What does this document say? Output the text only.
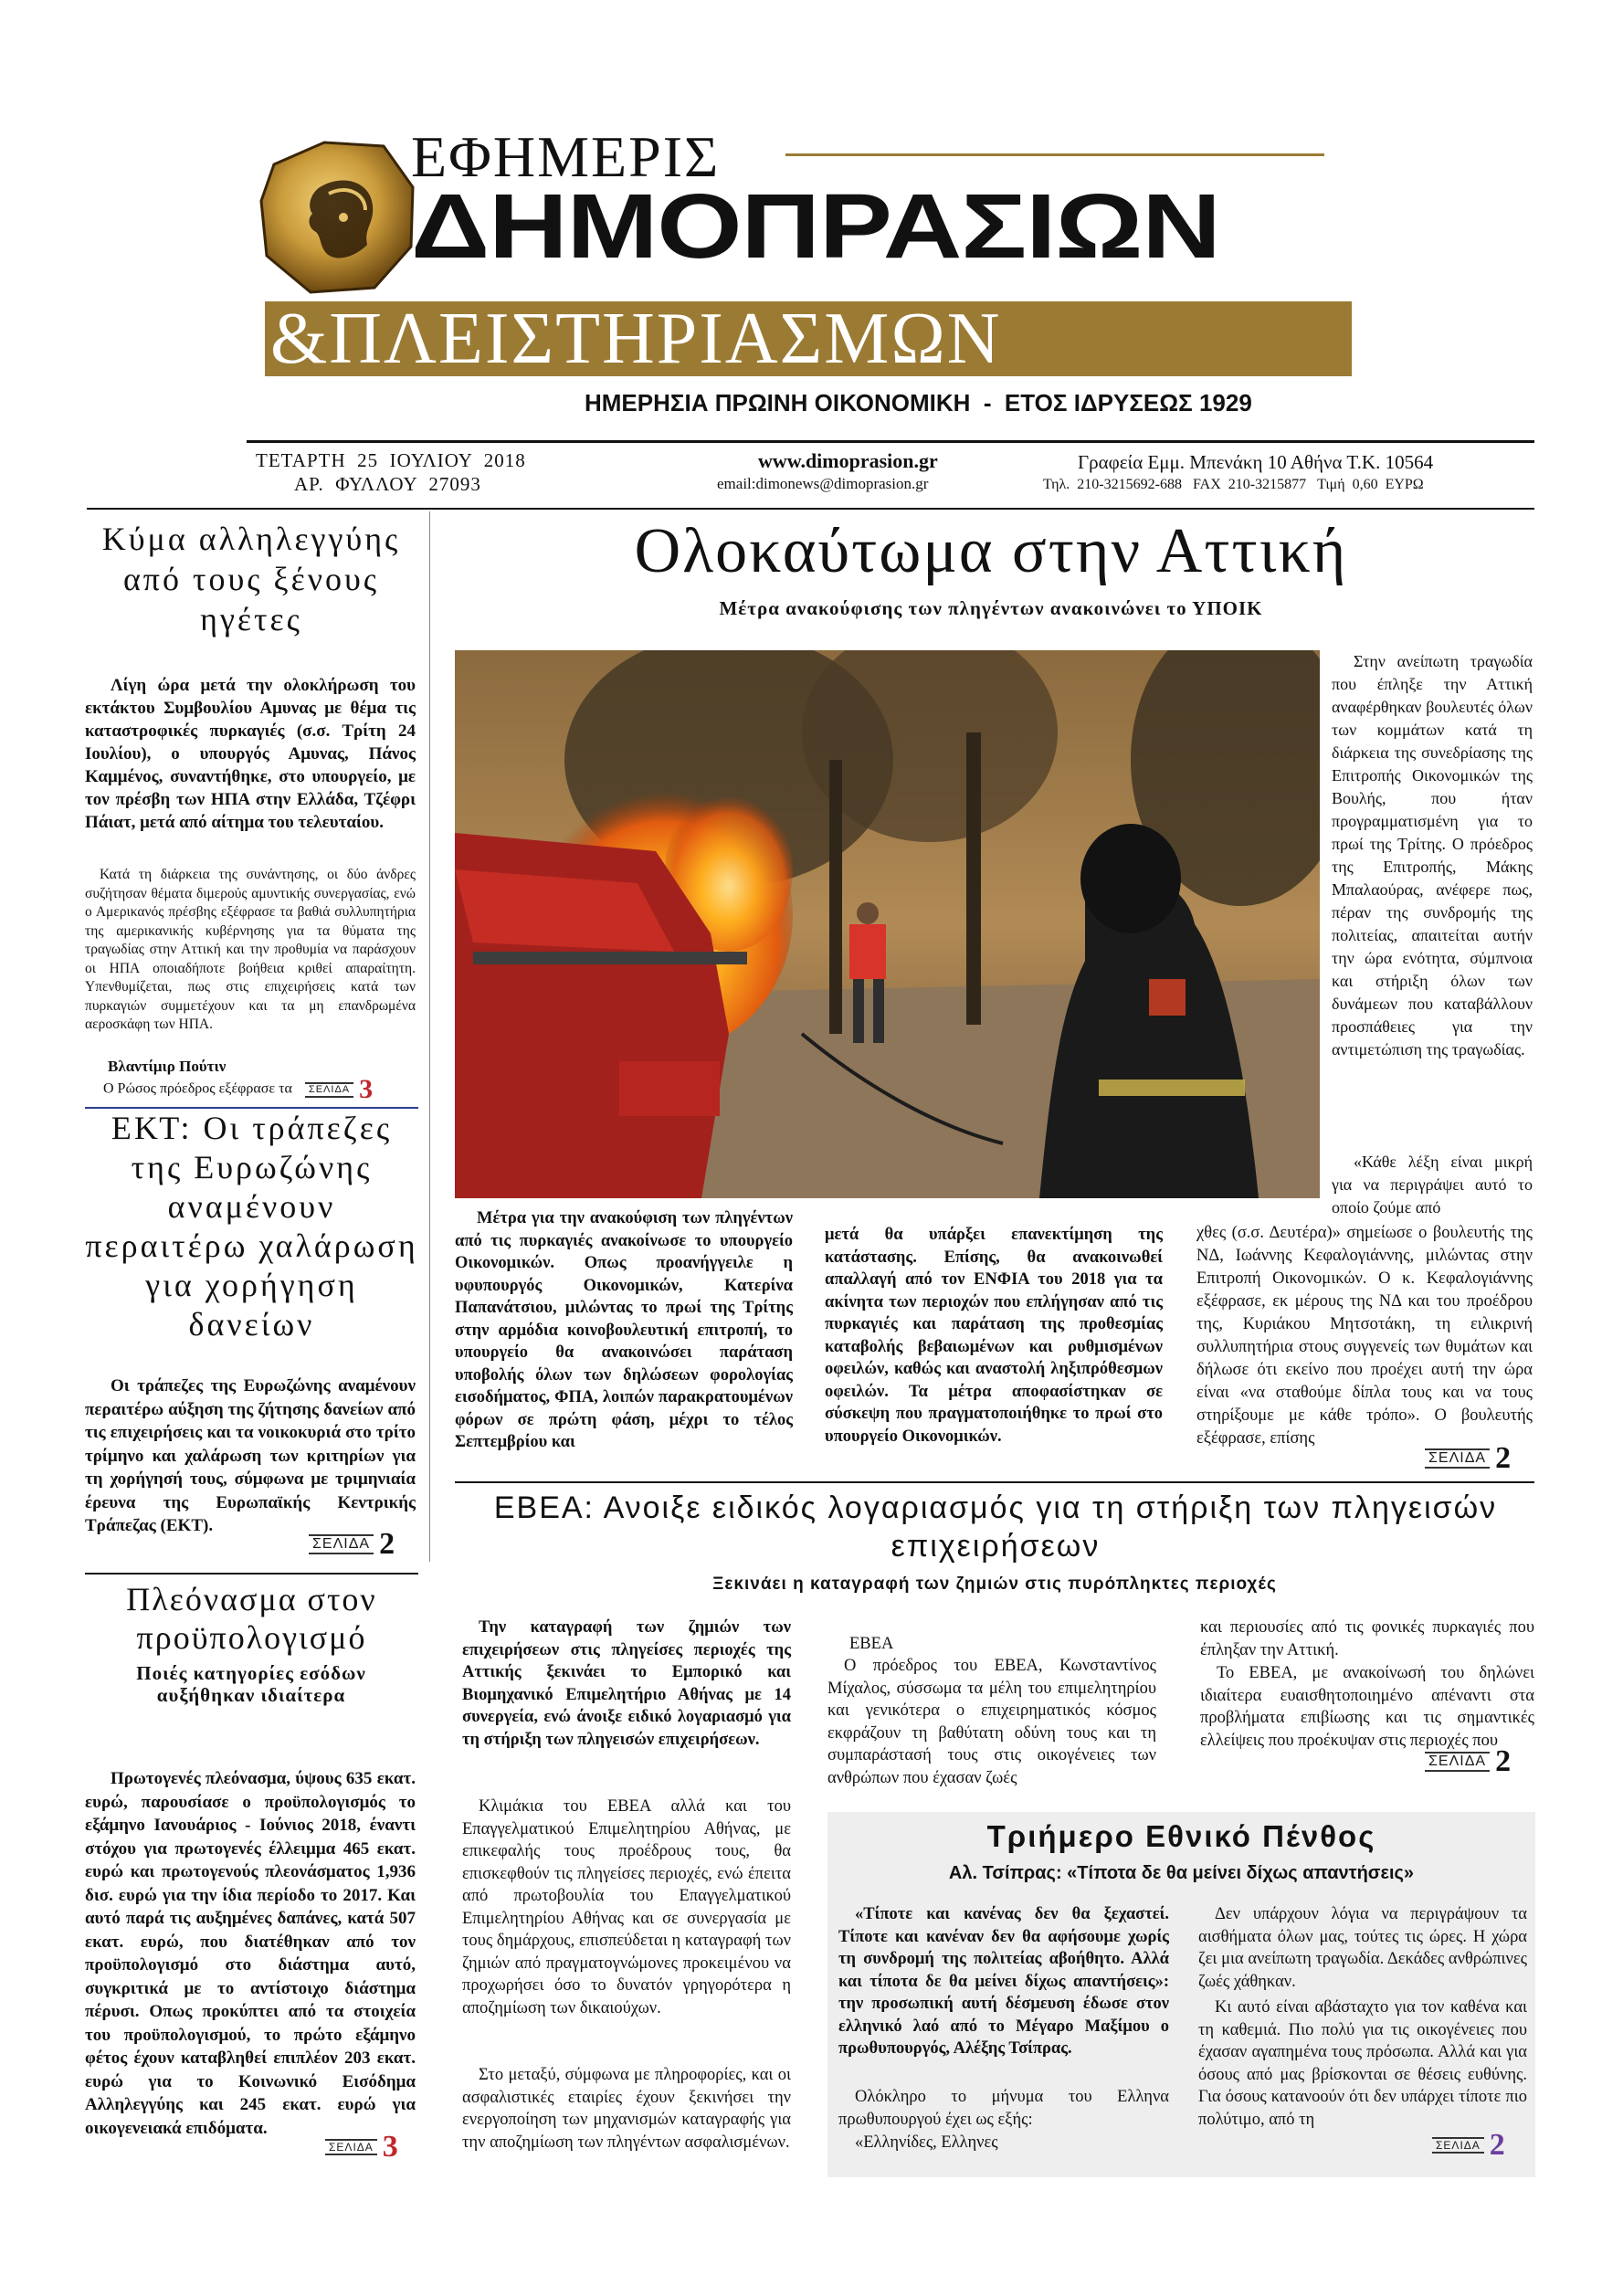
ΕΦΗΜΕΡΙΣ
ΔΗΜΟΠΡΑΣΙΩΝ
&ΠΛΕΙΣΤΗΡΙΑΣΜΩΝ
ΗΜΕΡΗΣΙΑ ΠΡΩΙΝΗ ΟΙΚΟΝΟΜΙΚΗ  -  ΕΤΟΣ ΙΔΡΥΣΕΩΣ 1929
ΤΕΤΑΡΤΗ  25  ΙΟΥΛΙΟΥ  2018
ΑΡ.  ΦΥΛΛΟΥ  27093
www.dimoprasion.gr
email:dimonews@dimoprasion.gr
Γραφεία Εμμ. Μπενάκη 10 Αθήνα Τ.Κ. 10564
Τηλ.  210-3215692-688   FAX  210-3215877   Τιμή  0,60  ΕΥΡΩ
Κύμα αλληλεγγύης από τους ξένους ηγέτες

Λίγη ώρα μετά την ολοκλήρωση του εκτάκτου Συμβουλίου Αμυνας με θέμα τις καταστροφικές πυρκαγιές (σ.σ. Τρίτη 24 Ιουλίου), ο υπουργός Αμυνας, Πάνος Καμμένος, συναντήθηκε, στο υπουργείο, με τον πρέσβη των ΗΠΑ στην Ελλάδα, Τζέφρι Πάιατ, μετά από αίτημα του τελευταίου.

Κατά τη διάρκεια της συνάντησης, οι δύο άνδρες συζήτησαν θέματα διμερούς αμυντικής συνεργασίας, ενώ ο Αμερικανός πρέσβης εξέφρασε τα βαθιά συλλυπητήρια της αμερικανικής κυβέρνησης για τα θύματα της τραγωδίας στην Αττική και την προθυμία να παράσχουν οι ΗΠΑ οποιαδήποτε βοήθεια κριθεί απαραίτητη. Υπενθυμίζεται, πως στις επιχειρήσεις κατά των πυρκαγιών συμμετέχουν και τα μη επανδρωμένα αεροσκάφη των ΗΠΑ.

Βλαντίμιρ Πούτιν
Ο Ρώσος πρόεδρος εξέφρασε τα ΣΕΛΙΔΑ 3
ΕΚΤ: Οι τράπεζες της Ευρωζώνης αναμένουν περαιτέρω χαλάρωση για χορήγηση δανείων

Οι τράπεζες της Ευρωζώνης αναμένουν περαιτέρω αύξηση της ζήτησης δανείων από τις επιχειρήσεις και τα νοικοκυριά στο τρίτο τρίμηνο και χαλάρωση των κριτηρίων για τη χορήγησή τους, σύμφωνα με τριμηνιαία έρευνα της Ευρωπαϊκής Κεντρικής Τράπεζας (ΕΚΤ).

ΣΕΛΙΔΑ 2
Πλεόνασμα στον προϋπολογισμό
Ποιές κατηγορίες εσόδων αυξήθηκαν ιδιαίτερα

Πρωτογενές πλεόνασμα, ύψους 635 εκατ. ευρώ, παρουσίασε ο προϋπολογισμός το εξάμηνο Ιανουάριος - Ιούνιος 2018, έναντι στόχου για πρωτογενές έλλειμμα 465 εκατ. ευρώ και πρωτογενούς πλεονάσματος 1,936 δισ. ευρώ για την ίδια περίοδο το 2017. Και αυτό παρά τις αυξημένες δαπάνες, κατά 507 εκατ. ευρώ, που διατέθηκαν από τον προϋπολογισμό στο διάστημα αυτό, συγκριτικά με το αντίστοιχο διάστημα πέρυσι. Οπως προκύπτει από τα στοιχεία του προϋπολογισμού, το πρώτο εξάμηνο φέτος έχουν καταβληθεί επιπλέον 203 εκατ. ευρώ για το Κοινωνικό Εισόδημα Αλληλεγγύης και 245 εκατ. ευρώ για οικογενειακά επιδόματα.

ΣΕΛΙΔΑ 3
Ολοκαύτωμα στην Αττική
Μέτρα ανακούφισης των πληγέντων ανακοινώνει το ΥΠΟΙΚ

Στην ανείπωτη τραγωδία που έπληξε την Αττική αναφέρθηκαν βουλευτές όλων των κομμάτων κατά τη διάρκεια της συνεδρίασης της Επιτροπής Οικονομικών της Βουλής, που ήταν προγραμματισμένη για το πρωί της Τρίτης. Ο πρόεδρος της Επιτροπής, Μάκης Μπαλαούρας, ανέφερε πως, πέραν της συνδρομής της πολιτείας, απαιτείται αυτήν την ώρα ενότητα, σύμπνοια και στήριξη όλων των δυνάμεων που καταβάλλουν προσπάθειες για την αντιμετώπιση της τραγωδίας.

«Κάθε λέξη είναι μικρή για να περιγράψει αυτό το οποίο ζούμε από

Μέτρα για την ανακούφιση των πληγέντων από τις πυρκαγιές ανακοίνωσε το υπουργείο Οικονομικών. Οπως προανήγγειλε η υφυπουργός Οικονομικών, Κατερίνα Παπανάτσιου, μιλώντας το πρωί της Τρίτης στην αρμόδια κοινοβουλευτική επιτροπή, το υπουργείο θα ανακοινώσει παράταση υποβολής όλων των δηλώσεων φορολογίας εισοδήματος, ΦΠΑ, λοιπών παρακρατουμένων φόρων σε πρώτη φάση, μέχρι το τέλος Σεπτεμβρίου και

μετά θα υπάρξει επανεκτίμηση της κατάστασης. Επίσης, θα ανακοινωθεί απαλλαγή από τον ΕΝΦΙΑ του 2018 για τα ακίνητα των περιοχών που επλήγησαν από τις πυρκαγιές και παράταση της προθεσμίας καταβολής βεβαιωμένων και ρυθμισμένων οφειλών, καθώς και αναστολή ληξιπρόθεσμων οφειλών. Τα μέτρα αποφασίστηκαν σε σύσκεψη που πραγματοποιήθηκε το πρωί στο υπουργείο Οικονομικών.

χθες (σ.σ. Δευτέρα)» σημείωσε ο βουλευτής της ΝΔ, Ιωάννης Κεφαλογιάννης, μιλώντας στην Επιτροπή Οικονομικών. Ο κ. Κεφαλογιάννης εξέφρασε, εκ μέρους της ΝΔ και του προέδρου της, Κυριάκου Μητσοτάκη, τη ειλικρινή συλλυπητήρια στους συγγενείς των θυμάτων και δήλωσε ότι εκείνο που προέχει αυτή την ώρα είναι «να σταθούμε δίπλα τους και να τους στηρίξουμε με κάθε τρόπο». Ο βουλευτής εξέφρασε, επίσης

ΣΕΛΙΔΑ 2
ΕΒΕΑ: Ανοιξε ειδικός λογαριασμός για τη στήριξη των πληγεισών επιχειρήσεων
Ξεκινάει η καταγραφή των ζημιών στις πυρόπληκτες περιοχές

Την καταγραφή των ζημιών των επιχειρήσεων στις πληγείσες περιοχές της Αττικής ξεκινάει το Εμπορικό και Βιομηχανικό Επιμελητήριο Αθήνας με 14 συνεργεία, ενώ άνοιξε ειδικό λογαριασμό για τη στήριξη των πληγεισών επιχειρήσεων.

Κλιμάκια του ΕΒΕΑ αλλά και του Επαγγελματικού Επιμελητηρίου Αθήνας, με επικεφαλής τους προέδρους τους, θα επισκεφθούν τις πληγείσες περιοχές, ενώ έπειτα από πρωτοβουλία του Επαγγελματικού Επιμελητηρίου Αθήνας και σε συνεργασία με τους δημάρχους, επισπεύδεται η καταγραφή των ζημιών από πραγματογνώμονες προκειμένου να προχωρήσει όσο το δυνατόν γρηγορότερα η αποζημίωση των δικαιούχων.

Στο μεταξύ, σύμφωνα με πληροφορίες, και οι ασφαλιστικές εταιρίες έχουν ξεκινήσει την ενεργοποίηση των μηχανισμών καταγραφής για την αποζημίωση των πληγέντων ασφαλισμένων.

ΕΒΕΑ

Ο πρόεδρος του ΕΒΕΑ, Κωνσταντίνος Μίχαλος, σύσσωμα τα μέλη του επιμελητηρίου και γενικότερα ο επιχειρηματικός κόσμος εκφράζουν τη βαθύτατη οδύνη τους και τη συμπαράστασή τους στις οικογένειες των ανθρώπων που έχασαν ζωές

και περιουσίες από τις φονικές πυρκαγιές που έπληξαν την Αττική.

Το ΕΒΕΑ, με ανακοίνωσή του δηλώνει ιδιαίτερα ευαισθητοποιημένο απέναντι στα προβλήματα επιβίωσης και τις σημαντικές ελλείψεις που προέκυψαν στις περιοχές που

ΣΕΛΙΔΑ 2
Τριήμερο Εθνικό Πένθος
Αλ. Τσίπρας: «Τίποτα δε θα μείνει δίχως απαντήσεις»

«Τίποτε και κανένας δεν θα ξεχαστεί. Τίποτε και κανέναν δεν θα αφήσουμε χωρίς τη συνδρομή της πολιτείας αβοήθητο. Αλλά και τίποτα δε θα μείνει δίχως απαντήσεις»: την προσωπική αυτή δέσμευση έδωσε στον ελληνικό λαό από το Μέγαρο Μαξίμου ο πρωθυπουργός, Αλέξης Τσίπρας.

Ολόκληρο το μήνυμα του Ελληνα πρωθυπουργού έχει ως εξής:

«Ελληνίδες, Ελληνες

Δεν υπάρχουν λόγια να περιγράψουν τα αισθήματα όλων μας, τούτες τις ώρες. Η χώρα ζει μια ανείπωτη τραγωδία. Δεκάδες ανθρώπινες ζωές χάθηκαν.

Κι αυτό είναι αβάσταχτο για τον καθένα και τη καθεμιά. Πιο πολύ για τις οικογένειες που έχασαν αγαπημένα τους πρόσωπα. Αλλά και για όσους από μας βρίσκονται σε θέσεις ευθύνης. Για όσους κατανοούν ότι δεν υπάρχει τίποτε πιο πολύτιμο, από τη

ΣΕΛΙΔΑ 2
